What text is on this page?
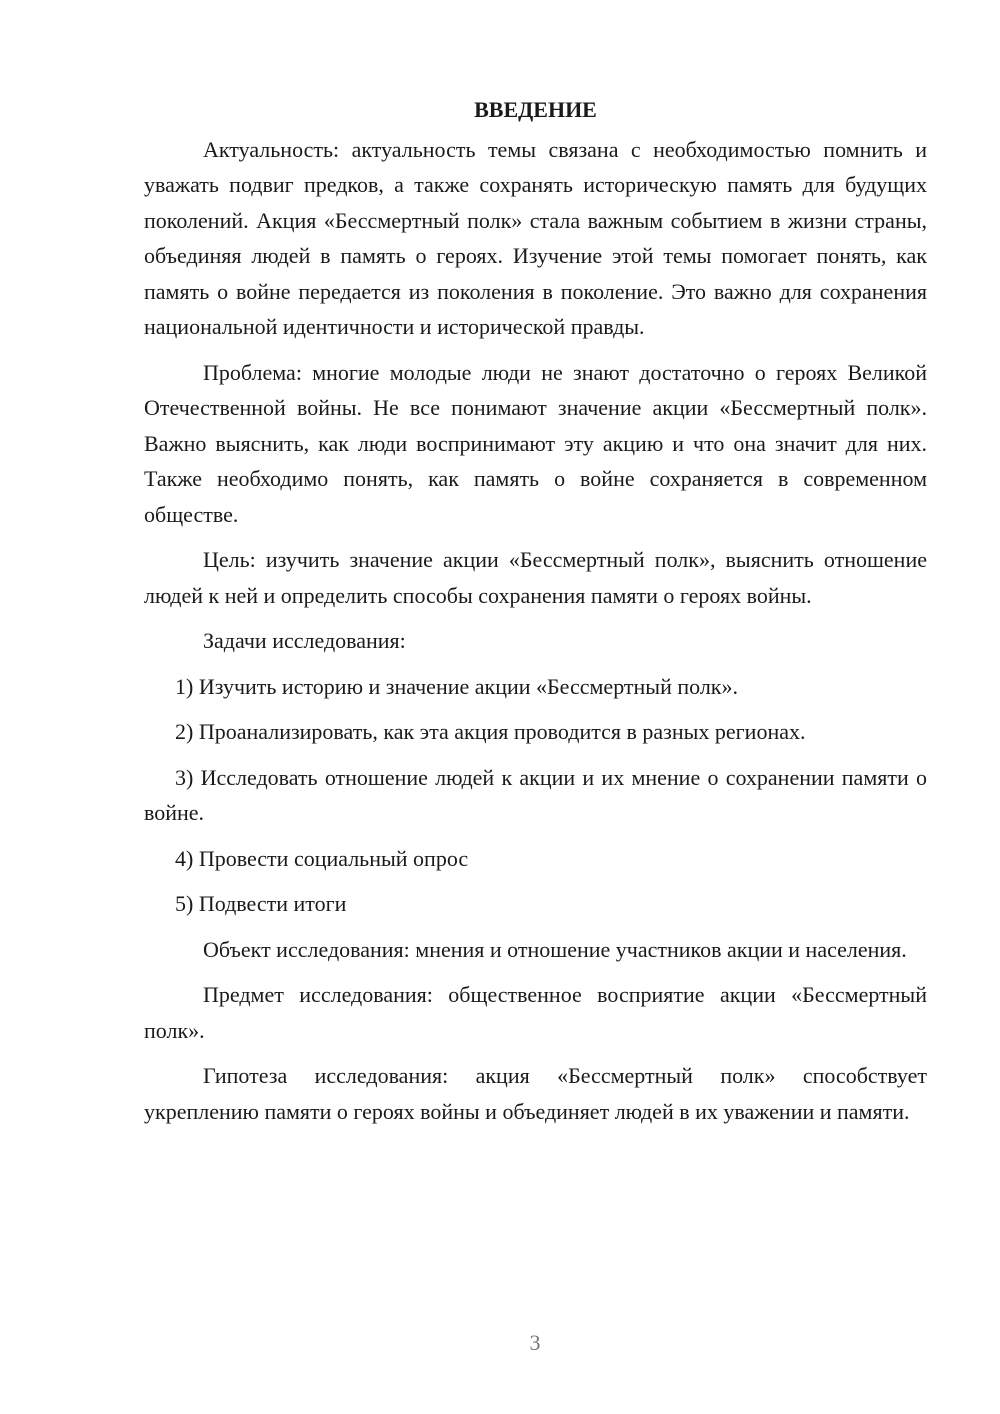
ВВЕДЕНИЕ

Актуальность: актуальность темы связана с необходимостью помнить и уважать подвиг предков, а также сохранять историческую память для будущих поколений. Акция «Бессмертный полк» стала важным событием в жизни страны, объединяя людей в память о героях. Изучение этой темы помогает понять, как память о войне передается из поколения в поколение. Это важно для сохранения национальной идентичности и исторической правды.

Проблема: многие молодые люди не знают достаточно о героях Великой Отечественной войны. Не все понимают значение акции «Бессмертный полк». Важно выяснить, как люди воспринимают эту акцию и что она значит для них. Также необходимо понять, как память о войне сохраняется в современном обществе.

Цель: изучить значение акции «Бессмертный полк», выяснить отношение людей к ней и определить способы сохранения памяти о героях войны.

Задачи исследования:

1) Изучить историю и значение акции «Бессмертный полк».

2) Проанализировать, как эта акция проводится в разных регионах.

3) Исследовать отношение людей к акции и их мнение о сохранении памяти о войне.

4) Провести социальный опрос

5) Подвести итоги

Объект исследования: мнения и отношение участников акции и населения.

Предмет исследования: общественное восприятие акции «Бессмертный полк».

Гипотеза исследования: акция «Бессмертный полк» способствует укреплению памяти о героях войны и объединяет людей в их уважении и памяти.

3
